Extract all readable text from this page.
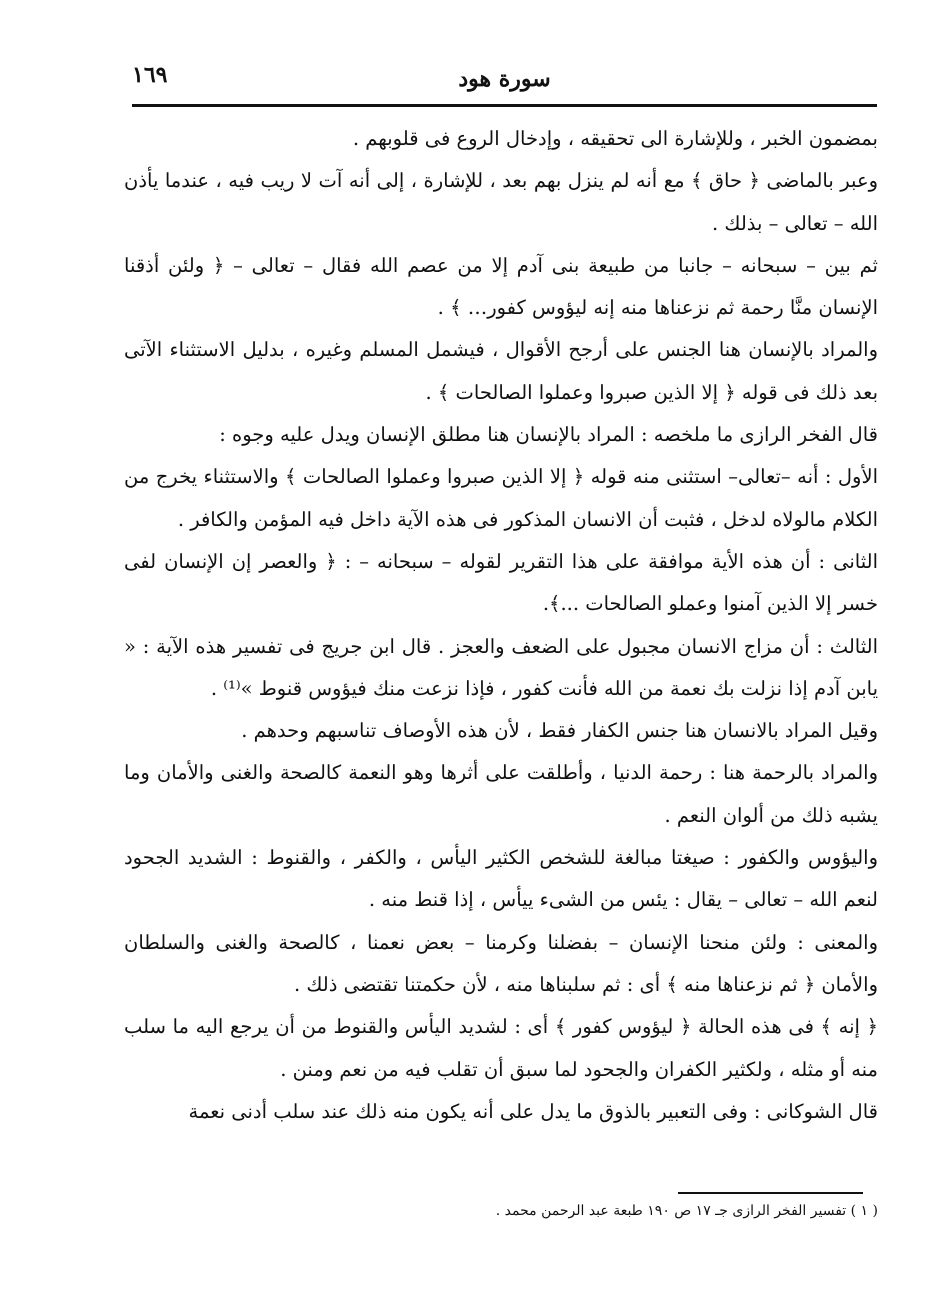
سورة هود
١٦٩

بمضمون الخبر ، وللإشارة الى تحقيقه ، وإدخال الروع فى قلوبهم .

وعبر بالماضى ﴿ حاق ﴾ مع أنه لم ينزل بهم بعد ، للإشارة ، إلى أنه آت لا ريب فيه ، عندما يأذن الله – تعالى – بذلك .

ثم بين – سبحانه – جانبا من طبيعة بنى آدم إلا من عصم الله فقال – تعالى – ﴿ ولئن أذقنا الإنسان منَّا رحمة ثم نزعناها منه إنه ليؤوس كفور… ﴾ .

والمراد بالإنسان هنا الجنس على أرجح الأقوال ، فيشمل المسلم وغيره ، بدليل الاستثناء الآتى بعد ذلك فى قوله ﴿ إلا الذين صبروا وعملوا الصالحات ﴾ .

قال الفخر الرازى ما ملخصه : المراد بالإنسان هنا مطلق الإنسان ويدل عليه وجوه :

الأول : أنه –تعالى– استثنى منه قوله ﴿ إلا الذين صبروا وعملوا الصالحات ﴾ والاستثناء يخرج من الكلام مالولاه لدخل ، فثبت أن الانسان المذكور فى هذه الآية داخل فيه المؤمن والكافر .

الثانى : أن هذه الأية موافقة على هذا التقرير لقوله – سبحانه – : ﴿ والعصر إن الإنسان لفى خسر إلا الذين آمنوا وعملو الصالحات ...﴾.

الثالث : أن مزاج الانسان مجبول على الضعف والعجز . قال ابن جريج فى تفسير هذه الآية : « يابن آدم إذا نزلت بك نعمة من الله فأنت كفور ، فإذا نزعت منك فيؤوس قنوط »⁽¹⁾ .

وقيل المراد بالانسان هنا جنس الكفار فقط ، لأن هذه الأوصاف تناسبهم وحدهم .

والمراد بالرحمة هنا : رحمة الدنيا ، وأطلقت على أثرها وهو النعمة كالصحة والغنى والأمان وما يشبه ذلك من ألوان النعم .

واليؤوس والكفور : صيغتا مبالغة للشخص الكثير اليأس ، والكفر ، والقنوط : الشديد الجحود لنعم الله – تعالى – يقال : يئس من الشىء ييأس ، إذا قنط منه .

والمعنى : ولئن منحنا الإنسان – بفضلنا وكرمنا – بعض نعمنا ، كالصحة والغنى والسلطان والأمان ﴿ ثم نزعناها منه ﴾ أى : ثم سلبناها منه ، لأن حكمتنا تقتضى ذلك .

﴿ إنه ﴾ فى هذه الحالة ﴿ ليؤوس كفور ﴾ أى : لشديد اليأس والقنوط من أن يرجع اليه ما سلب منه أو مثله ، ولكثير الكفران والجحود لما سبق أن تقلب فيه من نعم ومنن .

قال الشوكانى : وفى التعبير بالذوق ما يدل على أنه يكون منه ذلك عند سلب أدنى نعمة

( ١ ) تفسير الفخر الرازى جـ ١٧ ص ١٩٠ طبعة عبد الرحمن محمد .
